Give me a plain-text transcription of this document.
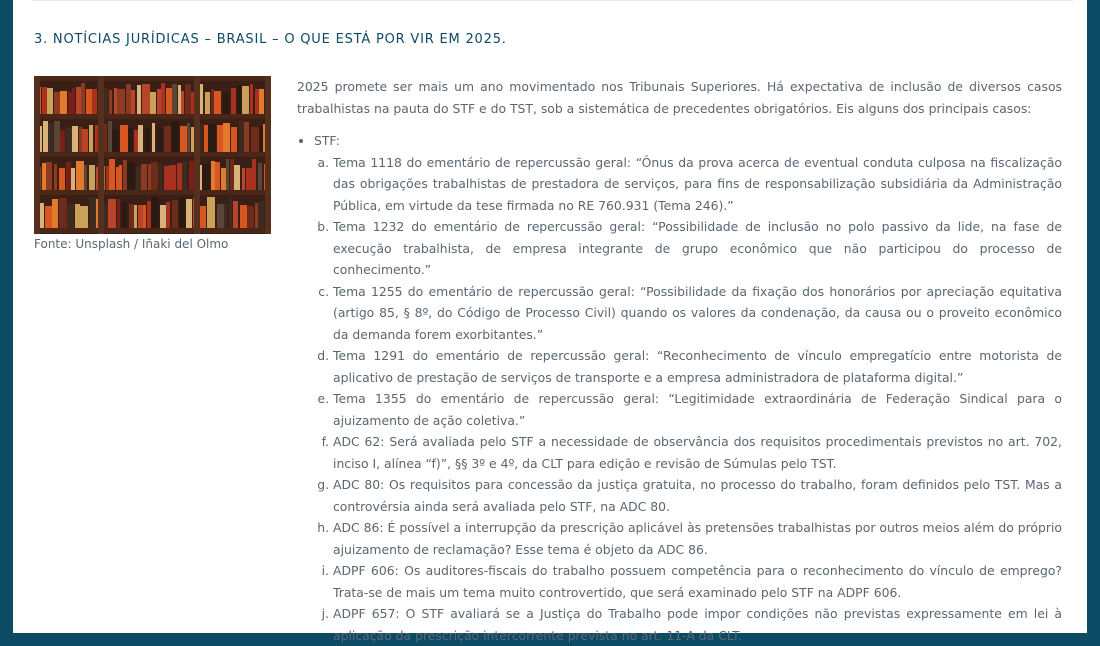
3. NOTÍCIAS JURÍDICAS – BRASIL – O QUE ESTÁ POR VIR EM 2025.
Fonte: Unsplash / Iñaki del Olmo

2025 promete ser mais um ano movimentado nos Tribunais Superiores. Há expectativa de inclusão de diversos casos trabalhistas na pauta do STF e do TST, sob a sistemática de precedentes obrigatórios. Eis alguns dos principais casos:

• STF:
a. Tema 1118 do ementário de repercussão geral: “Ônus da prova acerca de eventual conduta culposa na fiscalização das obrigações trabalhistas de prestadora de serviços, para fins de responsabilização subsidiária da Administração Pública, em virtude da tese firmada no RE 760.931 (Tema 246).”
b. Tema 1232 do ementário de repercussão geral: “Possibilidade de inclusão no polo passivo da lide, na fase de execução trabalhista, de empresa integrante de grupo econômico que não participou do processo de conhecimento.”
c. Tema 1255 do ementário de repercussão geral: “Possibilidade da fixação dos honorários por apreciação equitativa (artigo 85, § 8º, do Código de Processo Civil) quando os valores da condenação, da causa ou o proveito econômico da demanda forem exorbitantes.”
d. Tema 1291 do ementário de repercussão geral: “Reconhecimento de vínculo empregatício entre motorista de aplicativo de prestação de serviços de transporte e a empresa administradora de plataforma digital.”
e. Tema 1355 do ementário de repercussão geral: “Legitimidade extraordinária de Federação Sindical para o ajuizamento de ação coletiva.”
f. ADC 62: Será avaliada pelo STF a necessidade de observância dos requisitos procedimentais previstos no art. 702, inciso I, alínea “f)”, §§ 3º e 4º, da CLT para edição e revisão de Súmulas pelo TST.
g. ADC 80: Os requisitos para concessão da justiça gratuita, no processo do trabalho, foram definidos pelo TST. Mas a controvérsia ainda será avaliada pelo STF, na ADC 80.
h. ADC 86: É possível a interrupção da prescrição aplicável às pretensões trabalhistas por outros meios além do próprio ajuizamento de reclamação? Esse tema é objeto da ADC 86.
i. ADPF 606: Os auditores-fiscais do trabalho possuem competência para o reconhecimento do vínculo de emprego? Trata-se de mais um tema muito controvertido, que será examinado pelo STF na ADPF 606.
j. ADPF 657: O STF avaliará se a Justiça do Trabalho pode impor condições não previstas expressamente em lei à aplicação da prescrição intercorrente prevista no art. 11-A da CLT.
